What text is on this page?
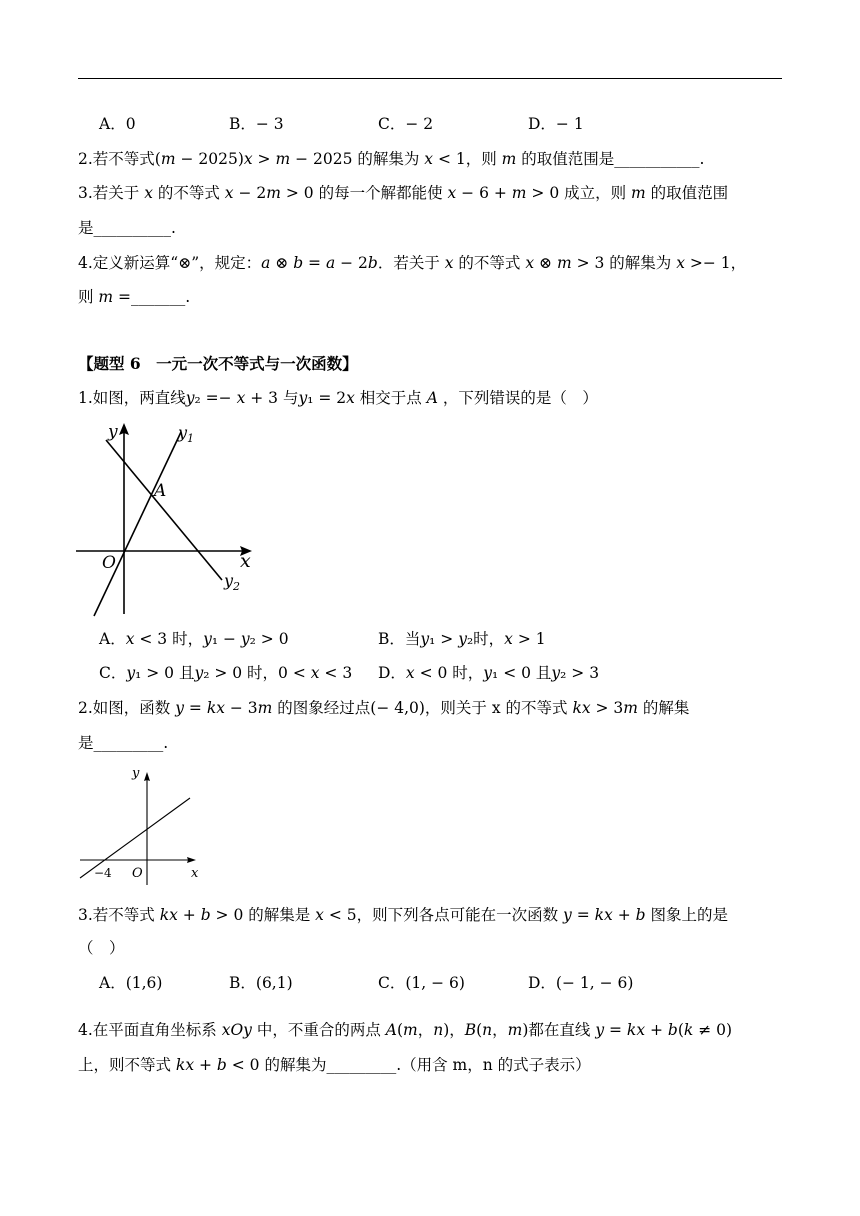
A．0	B．− 3	C．− 2	D．− 1
2.若不等式(𝑚 − 2025)𝑥 > 𝑚 − 2025 的解集为 𝑥 < 1，则 𝑚 的取值范围是___________.
3.若关于 𝑥 的不等式 𝑥 − 2𝑚 > 0 的每一个解都能使 𝑥 − 6 + 𝑚 > 0 成立，则 𝑚 的取值范围
是__________.
4.定义新运算“⊗”，规定：𝑎 ⊗ 𝑏 = 𝑎 − 2𝑏．若关于 𝑥 的不等式 𝑥 ⊗ 𝑚 > 3 的解集为 𝑥 >− 1，
则 𝑚 =_______.
【题型 6　一元一次不等式与一次函数】
1.如图，两直线𝑦₂ =− 𝑥 + 3 与𝑦₁ = 2𝑥 相交于点 𝐴 ，下列错误的是（　）
y	$y_1$
A
O	x
$y_2$
A．𝑥 < 3 时，𝑦₁ − 𝑦₂ > 0	B．当𝑦₁ > 𝑦₂时，𝑥 > 1
C．𝑦₁ > 0 且𝑦₂ > 0 时，0 < 𝑥 < 3 D．𝑥 < 0 时，𝑦₁ < 0 且𝑦₂ > 3
2.如图，函数 𝑦 = 𝑘𝑥 − 3𝑚 的图象经过点(− 4,0)，则关于 x 的不等式 𝑘𝑥 > 3𝑚 的解集
是_________.
y
x
O
−4
3.若不等式 𝑘𝑥 + 𝑏 > 0 的解集是 𝑥 < 5，则下列各点可能在一次函数 𝑦 = 𝑘𝑥 + 𝑏 图象上的是
（　）
A．(1,6)	B．(6,1)	C．(1, − 6)	D．(− 1, − 6)
4.在平面直角坐标系 𝑥𝑂𝑦 中，不重合的两点 𝐴(𝑚，𝑛)，𝐵(𝑛，𝑚)都在直线 𝑦 = 𝑘𝑥 + 𝑏(𝑘 ≠ 0)
上，则不等式 𝑘𝑥 + 𝑏 < 0 的解集为_________.（用含 m，n 的式子表示）
